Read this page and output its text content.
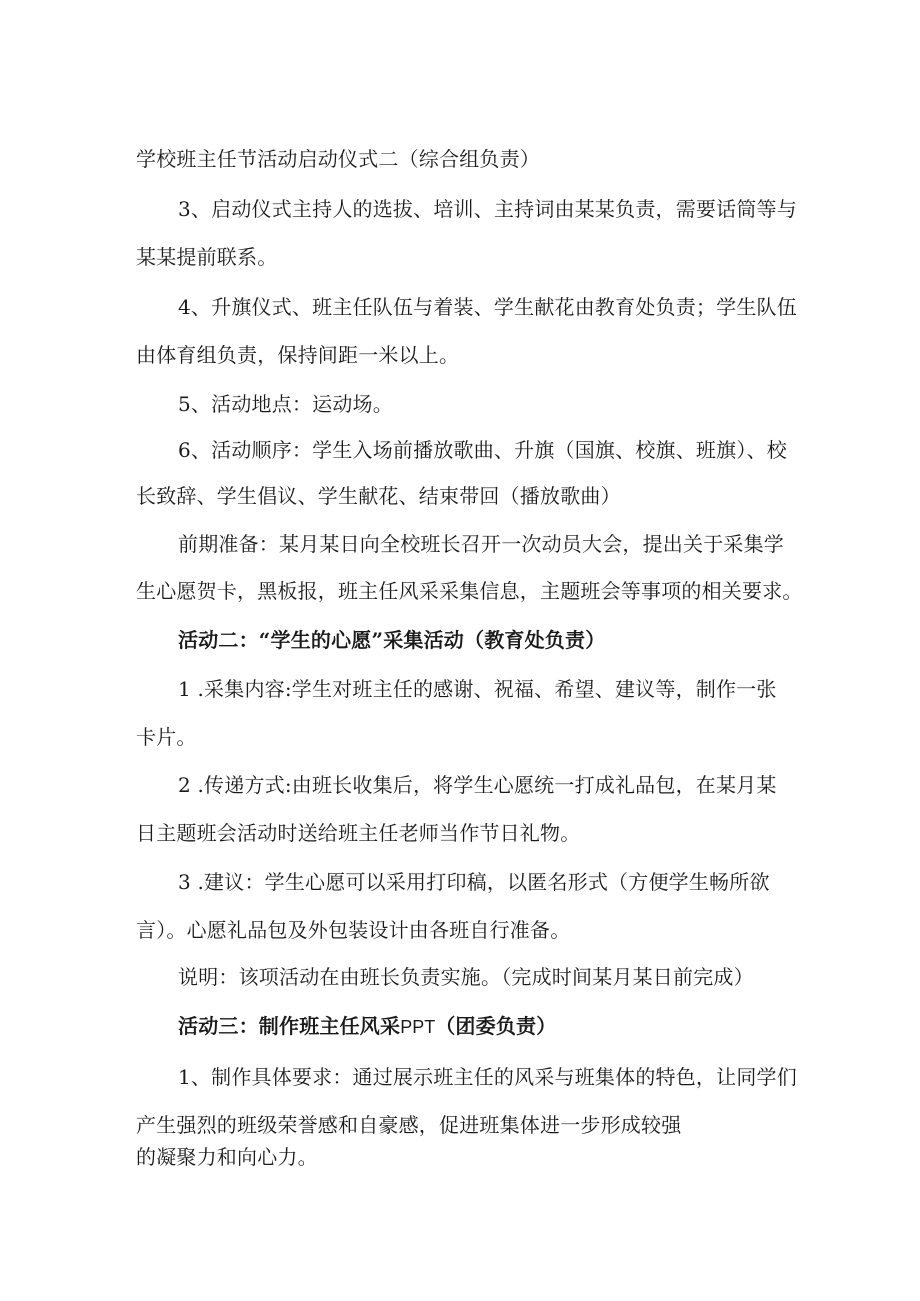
学校班主任节活动启动仪式二（综合组负责）
3、启动仪式主持人的选拔、培训、主持词由某某负责，需要话筒等与
某某提前联系。
4、升旗仪式、班主任队伍与着装、学生献花由教育处负责；学生队伍
由体育组负责，保持间距一米以上。
5、活动地点：运动场。
6、活动顺序：学生入场前播放歌曲、升旗（国旗、校旗、班旗）、校
长致辞、学生倡议、学生献花、结束带回（播放歌曲）
前期准备：某月某日向全校班长召开一次动员大会，提出关于采集学
生心愿贺卡，黑板报，班主任风采采集信息，主题班会等事项的相关要求。
活动二：“学生的心愿”采集活动（教育处负责）
1 .采集内容:学生对班主任的感谢、祝福、希望、建议等，制作一张
卡片。
2 .传递方式:由班长收集后，将学生心愿统一打成礼品包，在某月某
日主题班会活动时送给班主任老师当作节日礼物。
3 .建议：学生心愿可以采用打印稿，以匿名形式（方便学生畅所欲
言）。心愿礼品包及外包装设计由各班自行准备。
说明：该项活动在由班长负责实施。（完成时间某月某日前完成）
活动三：制作班主任风采PPT（团委负责）
1、制作具体要求：通过展示班主任的风采与班集体的特色，让同学们
产生强烈的班级荣誉感和自豪感，促进班集体进一步形成较强
的凝聚力和向心力。
